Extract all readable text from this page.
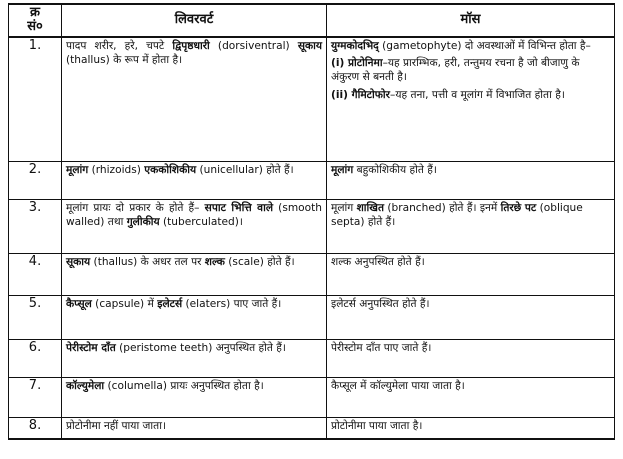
क्र
सं०	लिवरवर्ट	मॉस
1.	पादप शरीर, हरे, चपटे द्विपृष्ठधारी (dorsiventral) सूकाय (thallus) के रूप में होता है।	युग्मकोदभिद् (gametophyte) दो अवस्थाओं में विभिन्त होता है–

(i) प्रोटोनिमा–यह प्रारम्भिक, हरी, तन्तुमय रचना है जो बीजाणु के अंकुरण से बनती है।

(ii) गैमिटोफोर–यह तना, पत्ती व मूलांग में विभाजित होता है।

2.	मूलांग (rhizoids) एककोशिकीय (unicellular) होते हैं।	मूलांग बहुकोशिकीय होते हैं।
3.	मूलांग प्रायः दो प्रकार के होते हैं– सपाट भित्ति वाले (smooth walled) तथा गुलीकीय (tuberculated)।	मूलांग शाखित (branched) होते हैं। इनमें तिरछे पट (oblique septa) होते हैं।
4.	सूकाय (thallus) के अधर तल पर शल्क (scale) होते हैं।	शल्क अनुपस्थित होते हैं।
5.	कैप्सूल (capsule) में इलेटर्स (elaters) पाए जाते हैं।	इलेटर्स अनुपस्थित होते हैं।
6.	पेरीस्टोम दाँत (peristome teeth) अनुपस्थित होते हैं।	पेरीस्टोम दाँत पाए जाते हैं।
7.	कॉल्युमेला (columella) प्रायः अनुपस्थित होता है।	कैप्सूल में कॉल्युमेला पाया जाता है।
8.	प्रोटोनीमा नहीं पाया जाता।	प्रोटोनीमा पाया जाता है।
